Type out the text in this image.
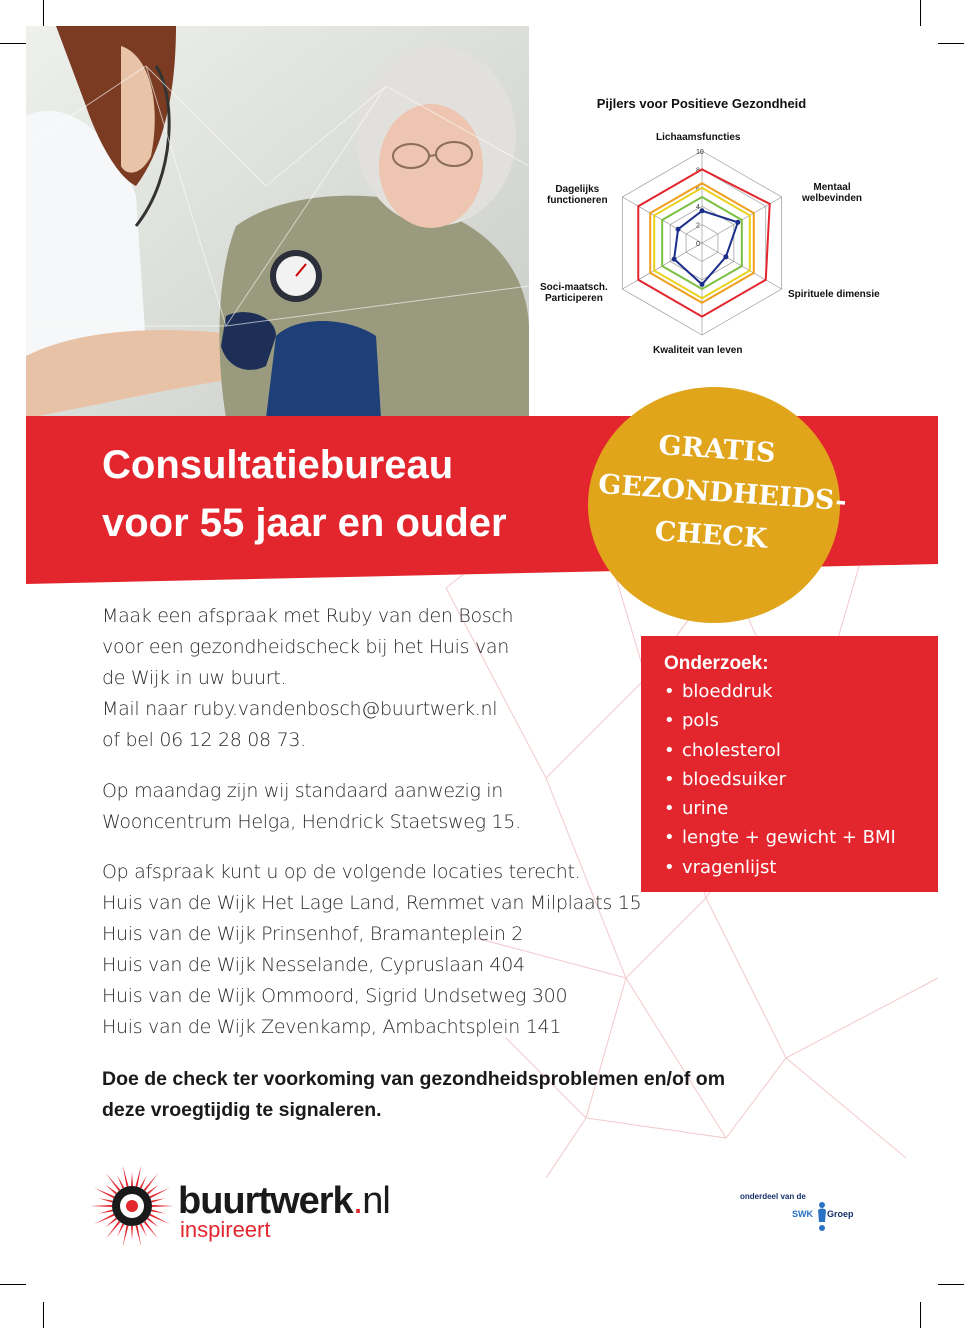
Pijlers voor Positieve Gezondheid
0
2
4
6
8
10
Lichaamsfuncties
Mentaal
welbevinden
Spirituele dimensie
Kwaliteit van leven
Soci-maatsch.
Participeren
Dagelijks
functioneren
Consultatiebureau
voor 55 jaar en ouder
GRATIS
GEZONDHEIDS-
CHECK
Maak een afspraak met Ruby van den Bosch
voor een gezondheidscheck bij het Huis van
de Wijk in uw buurt.
Mail naar ruby.vandenbosch@buurtwerk.nl
of bel 06 12 28 08 73.
Op maandag zijn wij standaard aanwezig in
Wooncentrum Helga, Hendrick Staetsweg 15.
Op afspraak kunt u op de volgende locaties terecht.
Huis van de Wijk Het Lage Land, Remmet van Milplaats 15
Huis van de Wijk Prinsenhof, Bramanteplein 2
Huis van de Wijk Nesselande, Cypruslaan 404
Huis van de Wijk Ommoord, Sigrid Undsetweg 300
Huis van de Wijk Zevenkamp, Ambachtsplein 141
Doe de check ter voorkoming van gezondheidsproblemen en/of om
deze vroegtijdig te signaleren.
Onderzoek:
• bloeddruk
• pols
• cholesterol
• bloedsuiker
• urine
• lengte + gewicht + BMI
• vragenlijst
buurtwerk.nl
inspireert
onderdeel van de
SWK Groep
